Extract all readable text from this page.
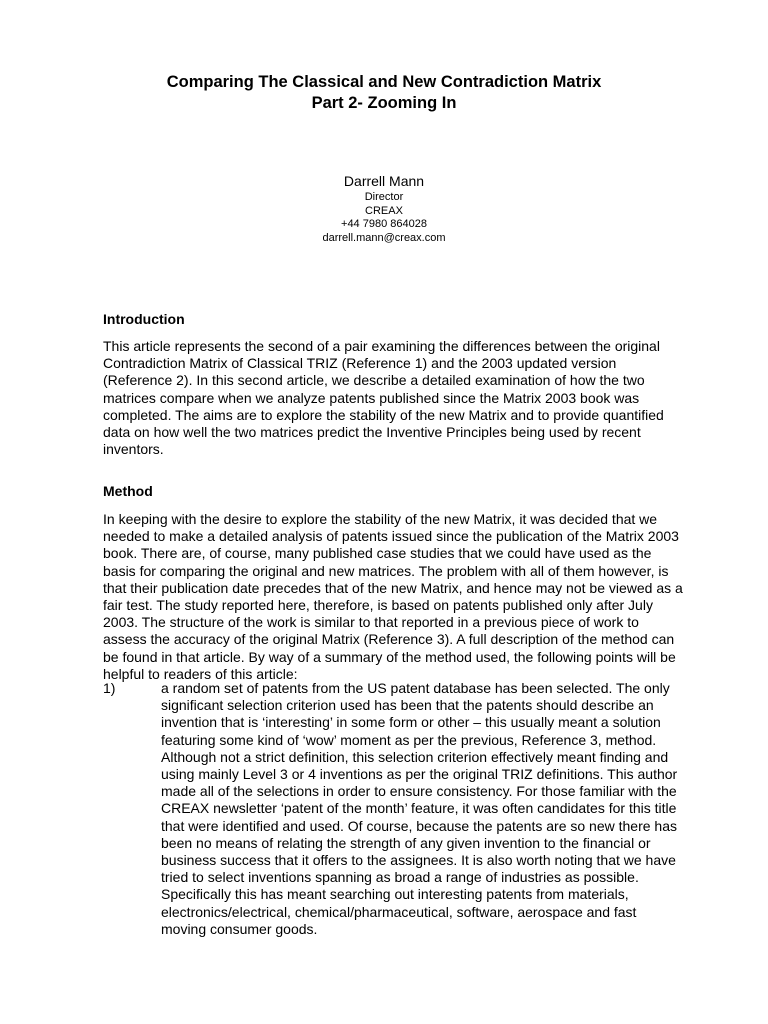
Comparing The Classical and New Contradiction Matrix
Part 2- Zooming In
Darrell Mann
Director
CREAX
+44 7980 864028
darrell.mann@creax.com
Introduction

This article represents the second of a pair examining the differences between the original Contradiction Matrix of Classical TRIZ (Reference 1) and the 2003 updated version (Reference 2). In this second article, we describe a detailed examination of how the two matrices compare when we analyze patents published since the Matrix 2003 book was completed. The aims are to explore the stability of the new Matrix and to provide quantified data on how well the two matrices predict the Inventive Principles being used by recent inventors.

Method

In keeping with the desire to explore the stability of the new Matrix, it was decided that we needed to make a detailed analysis of patents issued since the publication of the Matrix 2003 book. There are, of course, many published case studies that we could have used as the basis for comparing the original and new matrices. The problem with all of them however, is that their publication date precedes that of the new Matrix, and hence may not be viewed as a fair test. The study reported here, therefore, is based on patents published only after July 2003. The structure of the work is similar to that reported in a previous piece of work to assess the accuracy of the original Matrix (Reference 3). A full description of the method can be found in that article. By way of a summary of the method used, the following points will be helpful to readers of this article:

1)	a random set of patents from the US patent database has been selected. The only significant selection criterion used has been that the patents should describe an invention that is ‘interesting’ in some form or other – this usually meant a solution featuring some kind of ‘wow’ moment as per the previous, Reference 3, method. Although not a strict definition, this selection criterion effectively meant finding and using mainly Level 3 or 4 inventions as per the original TRIZ definitions. This author made all of the selections in order to ensure consistency. For those familiar with the CREAX newsletter ‘patent of the month’ feature, it was often candidates for this title that were identified and used. Of course, because the patents are so new there has been no means of relating the strength of any given invention to the financial or business success that it offers to the assignees. It is also worth noting that we have tried to select inventions spanning as broad a range of industries as possible. Specifically this has meant searching out interesting patents from materials, electronics/electrical, chemical/pharmaceutical, software, aerospace and fast moving consumer goods.
